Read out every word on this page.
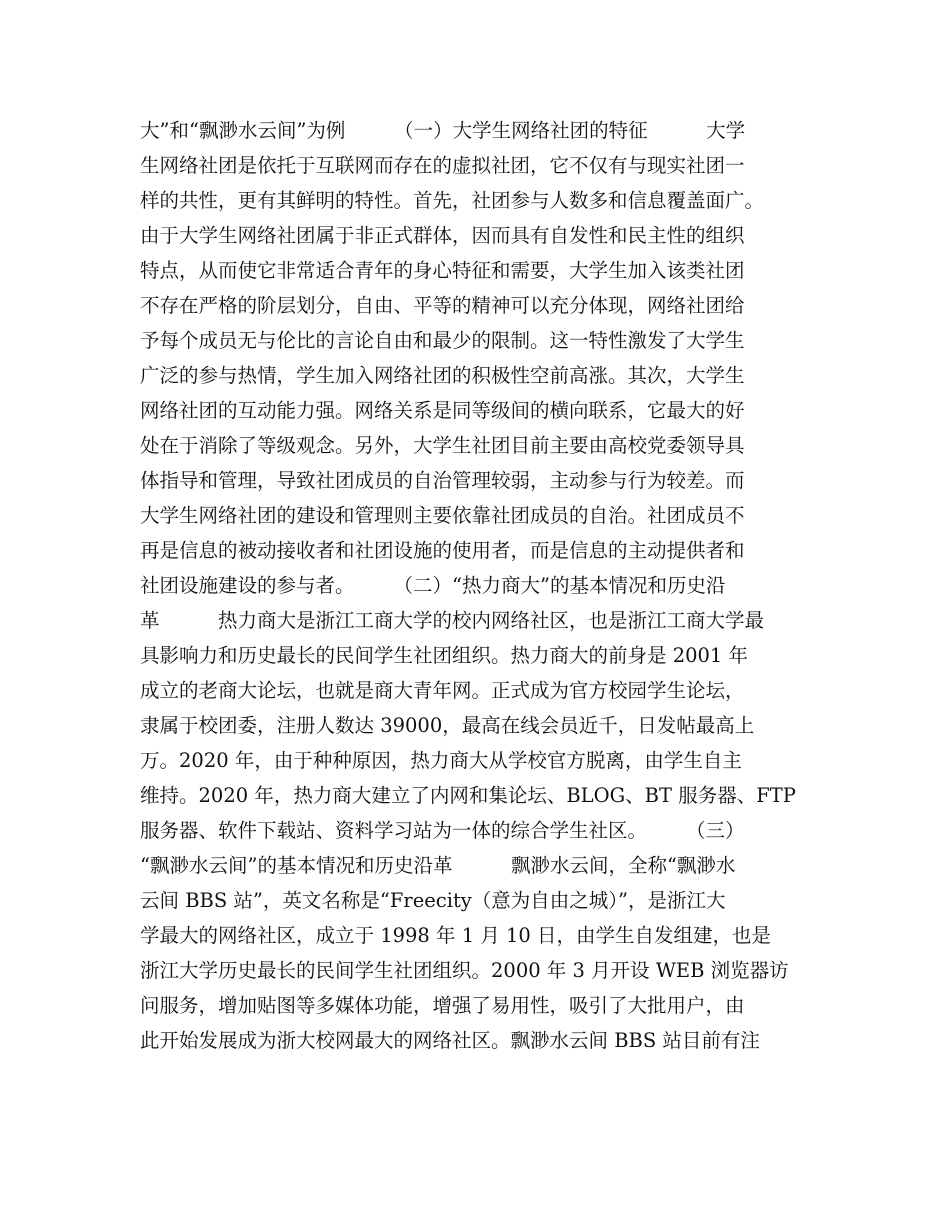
大”和“飘渺水云间”为例　　　（一）大学生网络社团的特征　　　大学
生网络社团是依托于互联网而存在的虚拟社团，它不仅有与现实社团一
样的共性，更有其鲜明的特性。首先，社团参与人数多和信息覆盖面广。
由于大学生网络社团属于非正式群体，因而具有自发性和民主性的组织
特点，从而使它非常适合青年的身心特征和需要，大学生加入该类社团
不存在严格的阶层划分，自由、平等的精神可以充分体现，网络社团给
予每个成员无与伦比的言论自由和最少的限制。这一特性激发了大学生
广泛的参与热情，学生加入网络社团的积极性空前高涨。其次，大学生
网络社团的互动能力强。网络关系是同等级间的横向联系，它最大的好
处在于消除了等级观念。另外，大学生社团目前主要由高校党委领导具
体指导和管理，导致社团成员的自治管理较弱，主动参与行为较差。而
大学生网络社团的建设和管理则主要依靠社团成员的自治。社团成员不
再是信息的被动接收者和社团设施的使用者，而是信息的主动提供者和
社团设施建设的参与者。　　　（二）“热力商大”的基本情况和历史沿
革　　　热力商大是浙江工商大学的校内网络社区，也是浙江工商大学最
具影响力和历史最长的民间学生社团组织。热力商大的前身是 2001 年
成立的老商大论坛，也就是商大青年网。正式成为官方校园学生论坛，
隶属于校团委，注册人数达 39000，最高在线会员近千，日发帖最高上
万。2020 年，由于种种原因，热力商大从学校官方脱离，由学生自主
维持。2020 年，热力商大建立了内网和集论坛、BLOG、BT 服务器、FTP
服务器、软件下载站、资料学习站为一体的综合学生社区。　　　（三）
“飘渺水云间”的基本情况和历史沿革　　　飘渺水云间，全称“飘渺水
云间 BBS 站”，英文名称是“Freecity（意为自由之城）”，是浙江大
学最大的网络社区，成立于 1998 年 1 月 10 日，由学生自发组建，也是
浙江大学历史最长的民间学生社团组织。2000 年 3 月开设 WEB 浏览器访
问服务，增加贴图等多媒体功能，增强了易用性，吸引了大批用户，由
此开始发展成为浙大校网最大的网络社区。飘渺水云间 BBS 站目前有注
